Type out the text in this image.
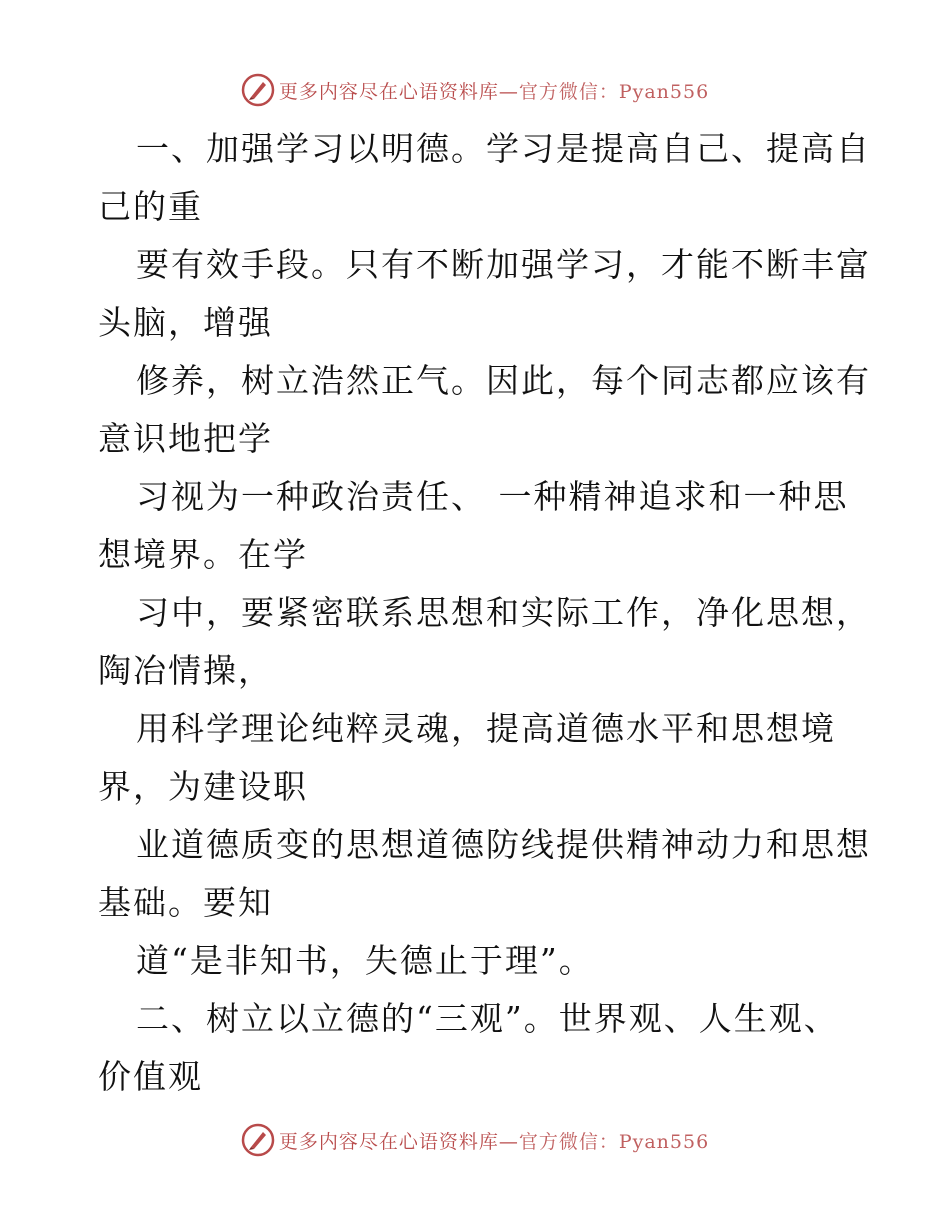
更多内容尽在心语资料库—官方微信：Pyan556
一、加强学习以明德。学习是提高自己、提高自
己的重
要有效手段。只有不断加强学习，才能不断丰富
头脑，增强
修养，树立浩然正气。因此，每个同志都应该有
意识地把学
习视为一种政治责任、 一种精神追求和一种思
想境界。在学
习中，要紧密联系思想和实际工作，净化思想，
陶冶情操，
用科学理论纯粹灵魂，提高道德水平和思想境
界，为建设职
业道德质变的思想道德防线提供精神动力和思想
基础。要知
道“是非知书，失德止于理”。
二、树立以立德的“三观”。世界观、人生观、
价值观
更多内容尽在心语资料库—官方微信：Pyan556
